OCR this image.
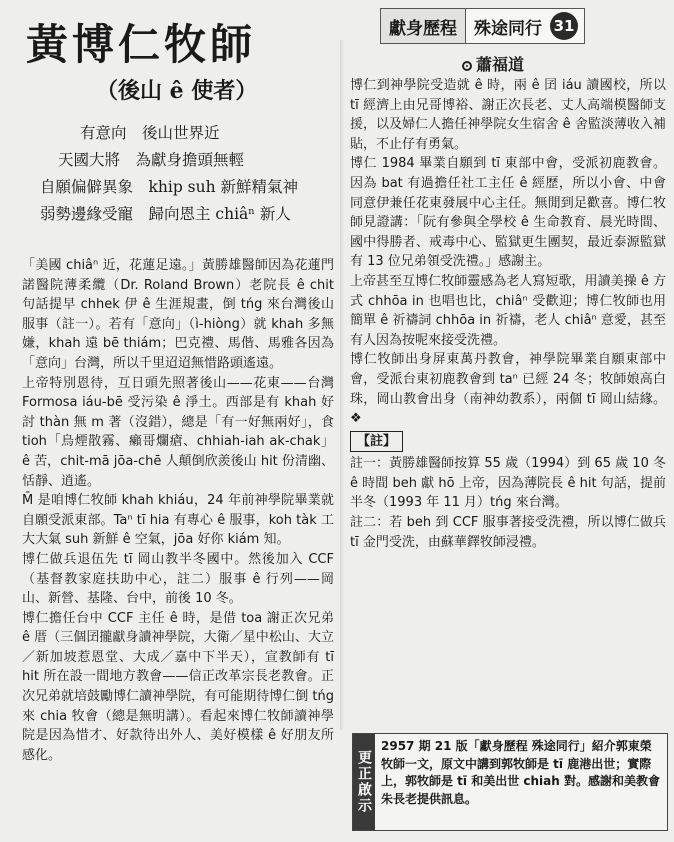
黃博仁牧師
（後山 ê 使者）
有意向　後山世界近
天國大將　為獻身擔頭無輕
自願偏僻異象　khip suh 新鮮精氣神
弱勢邊緣受寵　歸向恩主 chiâⁿ 新人
獻身歷程	殊途同行 31
蕭福道

「美國 chiâⁿ 近，花蓮足遠。」黃勝雄醫師因為花蓮門諾醫院薄柔纜（Dr. Roland Brown）老院長 ê chit 句話提早 chhek 伊 ê 生涯規畫，倒 tńg 來台灣後山服事（註一）。若有「意向」（ì-hiòng）就 khah 多無嫌，khah 遠 bē thiám；巴克禮、馬偕、馬雅各因為「意向」台灣，所以千里迢迢無惜路頭遙遠。

上帝特別恩待，互日頭先照著後山——花東——台灣 Formosa iáu-bē 受污染 ê 淨土。西部是有 khah 好討 thàn 無 m 著（沒錯），總是「有一好無兩好」，食 tioh「烏煙散霧、癩哥爛瘡、chhiah-iah ak-chak」ê 苦，chit-mā jōa-chē 人顛倒欣羨後山 hit 份清幽、恬靜、逍遙。

M̄ 是咱博仁牧師 khah khiáu，24 年前神學院畢業就自願受派東部。Taⁿ tī hia 有專心 ê 服事，koh tàk 工大大氣 suh 新鮮 ê 空氣，jōa 好你 kiám 知。

博仁做兵退伍先 tī 岡山教半冬國中。然後加入 CCF（基督教家庭扶助中心，註二）服事 ê 行列——岡山、新營、基隆、台中，前後 10 冬。

博仁擔任台中 CCF 主任 ê 時，是借 toa 謝正次兄弟 ê 厝（三個囝攏獻身讀神學院，大衛／星中松山、大立／新加坡惹恩堂、大成／嘉中下半天），宣教師有 tī hit 所在設一間地方教會——信正改革宗長老教會。正次兄弟就培鼓勵博仁讀神學院，有可能期待博仁倒 tńg 來 chia 牧會（總是無明講）。看起來博仁牧師讀神學院是因為惜才、好款待出外人、美好模樣 ê 好朋友所感化。

博仁到神學院受造就 ê 時，兩 ê 囝 iáu 讀國校，所以 tī 經濟上由兄哥博裕、謝正次長老、丈人高端模醫師支援，以及婦仁人擔任神學院女生宿舍 ê 舍監淡薄收入補貼，不止仔有勇氣。

博仁 1984 畢業自願到 tī 東部中會，受派初鹿教會。因為 bat 有過擔任社工主任 ê 經歷，所以小會、中會同意伊兼任花東發展中心主任。無閒到足歡喜。博仁牧師見證講：「阮有參與全學校 ê 生命教育、晨光時間、國中得勝者、戒毒中心、監獄更生團契，最近泰源監獄有 13 位兄弟領受洗禮。」感謝主。

上帝甚至互博仁牧師靈感為老人寫短歌，用讀美操 ê 方式 chhōa in 也唱也比，chiâⁿ 受歡迎；博仁牧師也用簡單 ê 祈禱詞 chhōa in 祈禱，老人 chiâⁿ 意愛，甚至有人因為按呢來接受洗禮。

博仁牧師出身屏東萬丹教會，神學院畢業自願東部中會，受派台東初鹿教會到 taⁿ 已經 24 冬；牧師娘高白珠，岡山教會出身（南神幼教系），兩個 tī 岡山結緣。❖

【註】

註一：黃勝雄醫師按算 55 歲（1994）到 65 歲 10 冬 ê 時間 beh 獻 hō 上帝，因為薄院長 ê hit 句話，提前半冬（1993 年 11 月）tńg 來台灣。

註二：若 beh 到 CCF 服事著接受洗禮，所以博仁做兵 tī 金門受洗，由蘇華鐸牧師浸禮。

更正啟示
2957 期 21 版「獻身歷程 殊途同行」紹介郭東榮牧師一文，原文中講到郭牧師是 tī 鹿港出世；實際上，郭牧師是 tī 和美出世 chiah 對。感謝和美教會朱長老提供訊息。
